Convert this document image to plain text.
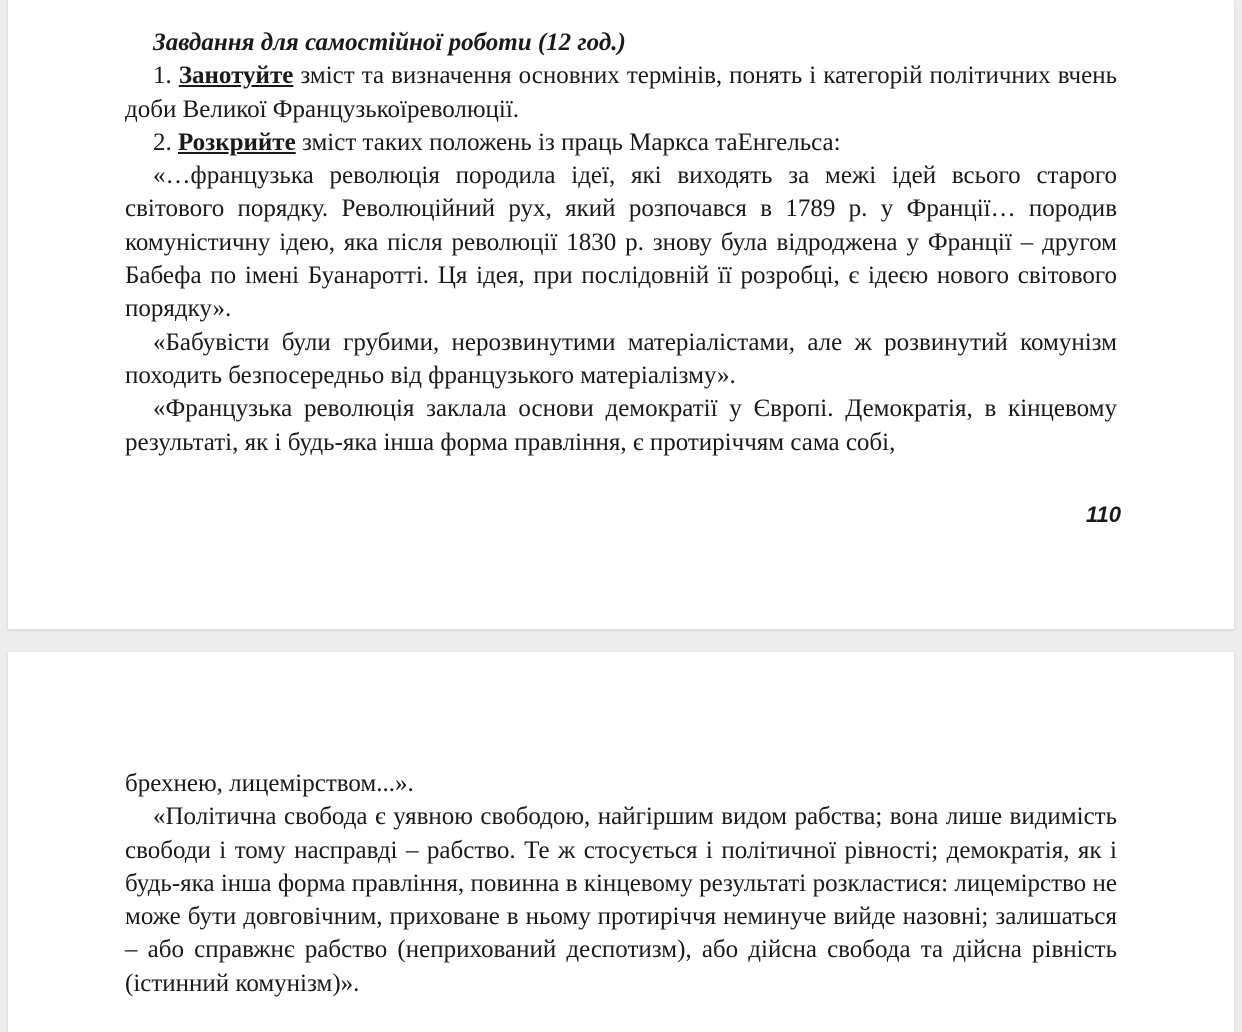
Завдання для самостійної роботи (12 год.)

1. Занотуйте зміст та визначення основних термінів, понять і категорій політичних вчень доби Великої Французькоїреволюції.

2. Розкрийте зміст таких положень із праць Маркса таЕнгельса:

«…французька революція породила ідеї, які виходять за межі ідей всього старого світового порядку. Революційний рух, який розпочався в 1789 р. у Франції… породив комуністичну ідею, яка після революції 1830 р. знову була відроджена у Франції – другом Бабефа по імені Буанаротті. Ця ідея, при послідовній її розробці, є ідеєю нового світового порядку».

«Бабувісти були грубими, нерозвинутими матеріалістами, але ж розвинутий комунізм походить безпосередньо від французького матеріалізму».

«Французька революція заклала основи демократії у Європі. Демократія, в кінцевому результаті, як і будь-яка інша форма правління, є протиріччям сама собі,

110

брехнею, лицемірством...».

«Політична свобода є уявною свободою, найгіршим видом рабства; вона лише видимість свободи і тому насправді – рабство. Те ж стосується і політичної рівності; демократія, як і будь-яка інша форма правління, повинна в кінцевому результаті розкластися: лицемірство не може бути довговічним, приховане в ньому протиріччя неминуче вийде назовні; залишаться – або справжнє рабство (неприхований деспотизм), або дійсна свобода та дійсна рівність (істинний комунізм)».
